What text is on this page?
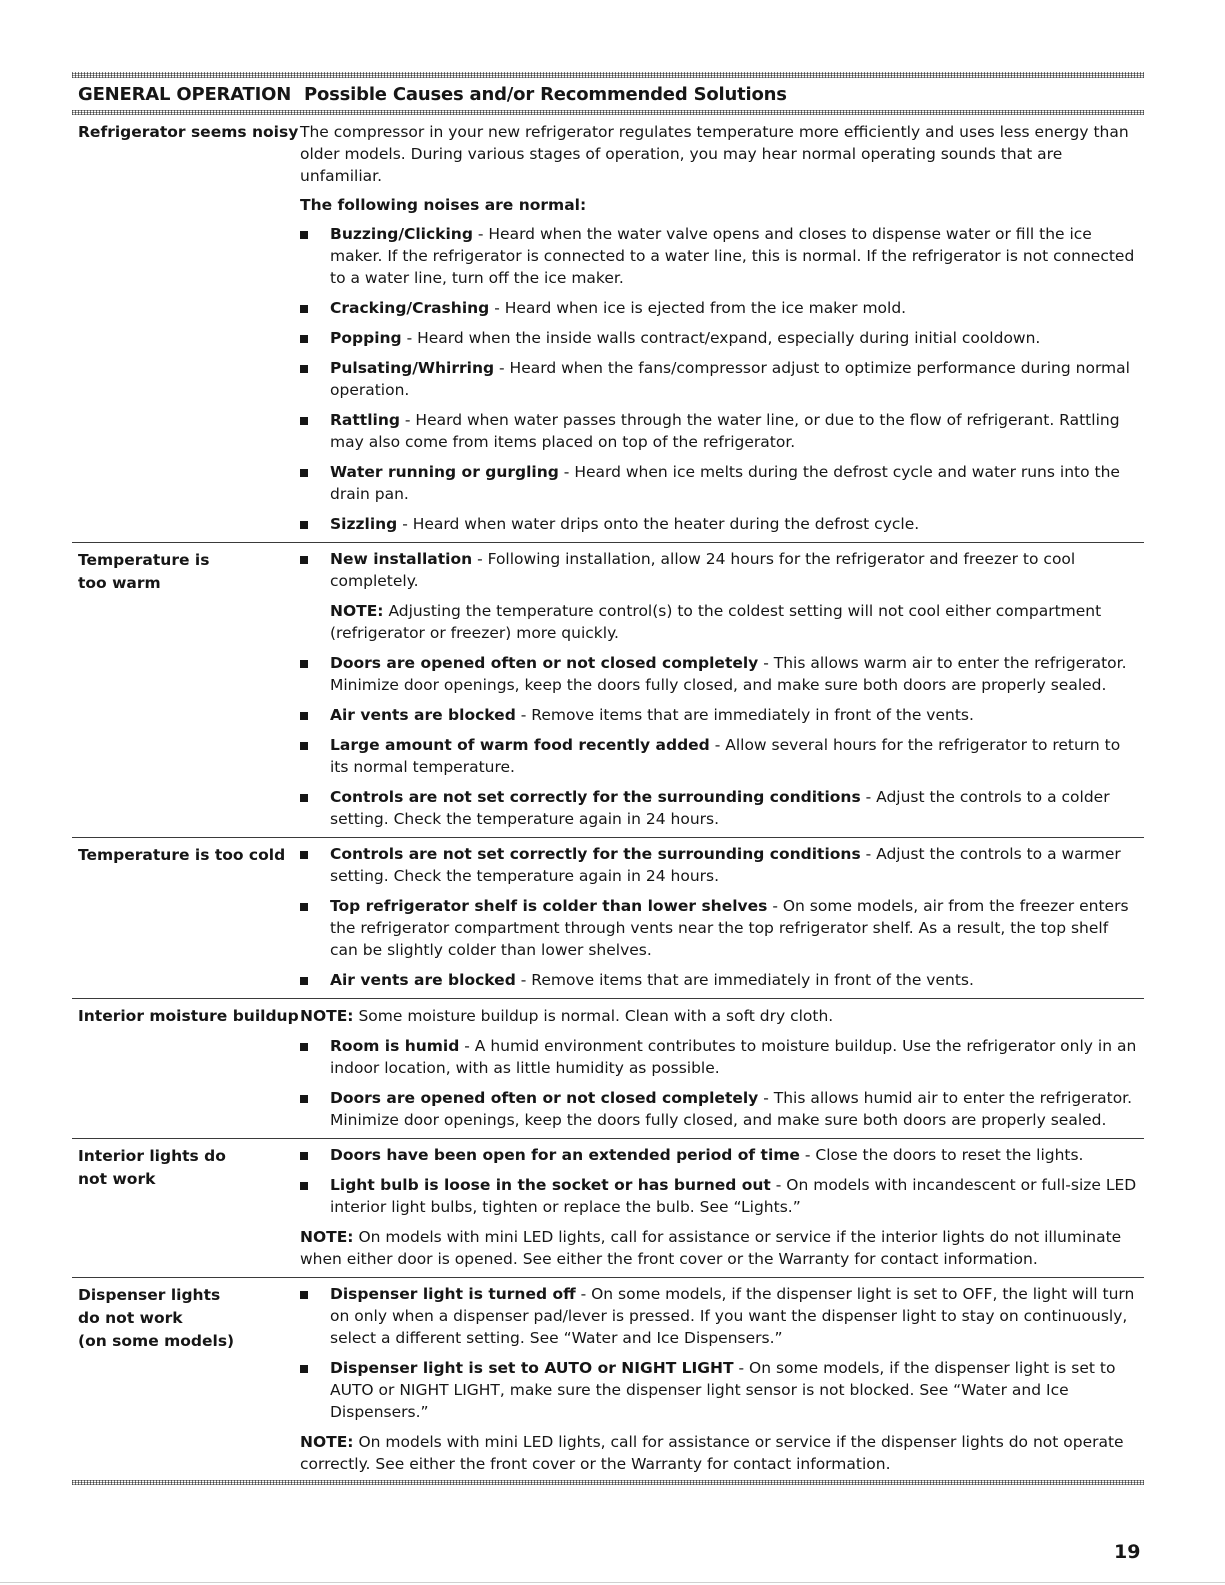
GENERAL OPERATION Possible Causes and/or Recommended Solutions
Refrigerator seems noisy The compressor in your new refrigerator regulates temperature more efficiently and uses less energy than older models. During various stages of operation, you may hear normal operating sounds that are unfamiliar.
The following noises are normal:
Buzzing/Clicking - Heard when the water valve opens and closes to dispense water or fill the ice maker. If the refrigerator is connected to a water line, this is normal. If the refrigerator is not connected to a water line, turn off the ice maker.
Cracking/Crashing - Heard when ice is ejected from the ice maker mold.
Popping - Heard when the inside walls contract/expand, especially during initial cooldown.
Pulsating/Whirring - Heard when the fans/compressor adjust to optimize performance during normal operation.
Rattling - Heard when water passes through the water line, or due to the flow of refrigerant. Rattling may also come from items placed on top of the refrigerator.
Water running or gurgling - Heard when ice melts during the defrost cycle and water runs into the drain pan.
Sizzling - Heard when water drips onto the heater during the defrost cycle.
Temperature is
too warm
New installation - Following installation, allow 24 hours for the refrigerator and freezer to cool completely.
NOTE: Adjusting the temperature control(s) to the coldest setting will not cool either compartment (refrigerator or freezer) more quickly.
Doors are opened often or not closed completely - This allows warm air to enter the refrigerator. Minimize door openings, keep the doors fully closed, and make sure both doors are properly sealed.
Air vents are blocked - Remove items that are immediately in front of the vents.
Large amount of warm food recently added - Allow several hours for the refrigerator to return to its normal temperature.
Controls are not set correctly for the surrounding conditions - Adjust the controls to a colder setting. Check the temperature again in 24 hours.
Temperature is too cold	Controls are not set correctly for the surrounding conditions - Adjust the controls to a warmer setting. Check the temperature again in 24 hours.
Top refrigerator shelf is colder than lower shelves - On some models, air from the freezer enters the refrigerator compartment through vents near the top refrigerator shelf. As a result, the top shelf can be slightly colder than lower shelves.
Air vents are blocked - Remove items that are immediately in front of the vents.
Interior moisture buildup NOTE: Some moisture buildup is normal. Clean with a soft dry cloth.
Room is humid - A humid environment contributes to moisture buildup. Use the refrigerator only in an indoor location, with as little humidity as possible.
Doors are opened often or not closed completely - This allows humid air to enter the refrigerator. Minimize door openings, keep the doors fully closed, and make sure both doors are properly sealed.
Interior lights do
not work
Doors have been open for an extended period of time - Close the doors to reset the lights.
Light bulb is loose in the socket or has burned out - On models with incandescent or full-size LED interior light bulbs, tighten or replace the bulb. See “Lights.”
NOTE: On models with mini LED lights, call for assistance or service if the interior lights do not illuminate when either door is opened. See either the front cover or the Warranty for contact information.
Dispenser lights
do not work
(on some models)
Dispenser light is turned off - On some models, if the dispenser light is set to OFF, the light will turn on only when a dispenser pad/lever is pressed. If you want the dispenser light to stay on continuously, select a different setting. See “Water and Ice Dispensers.”
Dispenser light is set to AUTO or NIGHT LIGHT - On some models, if the dispenser light is set to AUTO or NIGHT LIGHT, make sure the dispenser light sensor is not blocked. See “Water and Ice Dispensers.”
NOTE: On models with mini LED lights, call for assistance or service if the dispenser lights do not operate correctly. See either the front cover or the Warranty for contact information.
19
